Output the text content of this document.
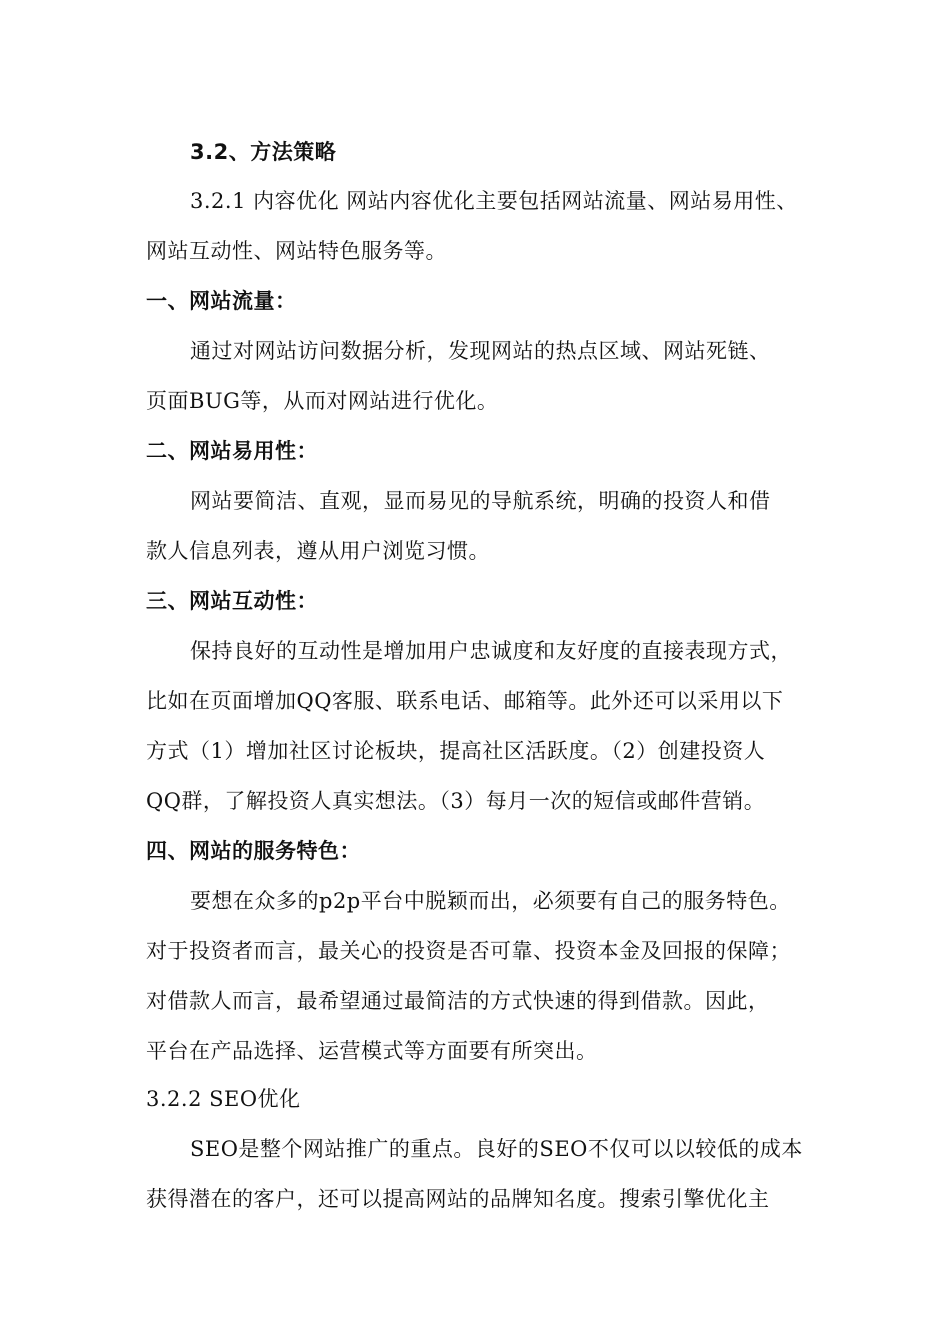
3.2、方法策略
3.2.1 内容优化 网站内容优化主要包括网站流量、网站易用性、
网站互动性、网站特色服务等。
一、网站流量：
通过对网站访问数据分析，发现网站的热点区域、网站死链、
页面BUG等，从而对网站进行优化。
二、网站易用性：
网站要简洁、直观，显而易见的导航系统，明确的投资人和借
款人信息列表，遵从用户浏览习惯。
三、网站互动性：
保持良好的互动性是增加用户忠诚度和友好度的直接表现方式，
比如在页面增加QQ客服、联系电话、邮箱等。此外还可以采用以下
方式（1）增加社区讨论板块，提高社区活跃度。（2）创建投资人
QQ群，了解投资人真实想法。（3）每月一次的短信或邮件营销。
四、网站的服务特色：
要想在众多的p2p平台中脱颖而出，必须要有自己的服务特色。
对于投资者而言，最关心的投资是否可靠、投资本金及回报的保障；
对借款人而言，最希望通过最简洁的方式快速的得到借款。因此，
平台在产品选择、运营模式等方面要有所突出。
3.2.2 SEO优化
SEO是整个网站推广的重点。良好的SEO不仅可以以较低的成本
获得潜在的客户，还可以提高网站的品牌知名度。搜索引擎优化主
